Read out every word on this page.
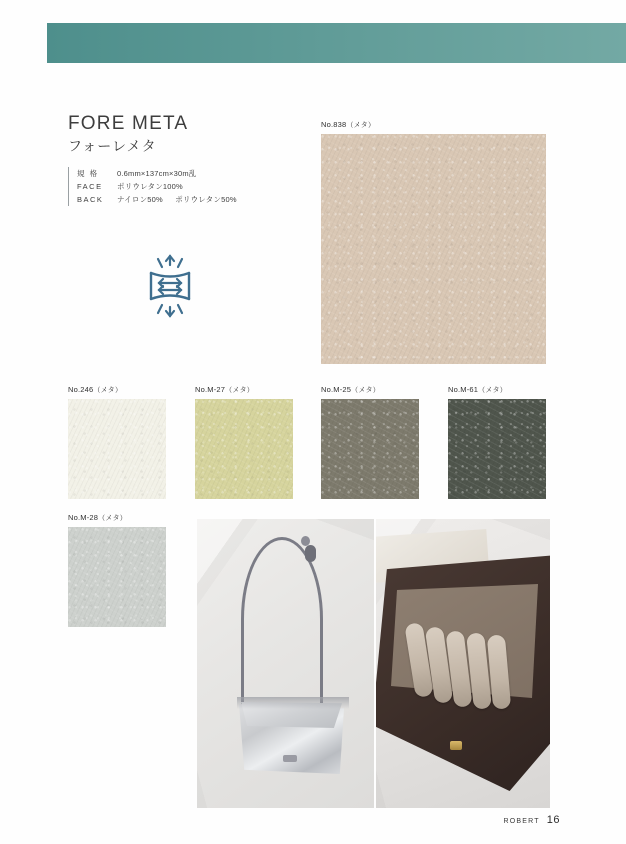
FORE META
フォーレメタ
規 格	0.6mm×137cm×30m乱
FACE	ポリウレタン100%
BACK	ナイロン50% ポリウレタン50%
No.838（メタ）
No.246（メタ）	No.M-27（メタ）	No.M-25（メタ）	No.M-61（メタ）
No.M-28（メタ）
ROBERT 16
